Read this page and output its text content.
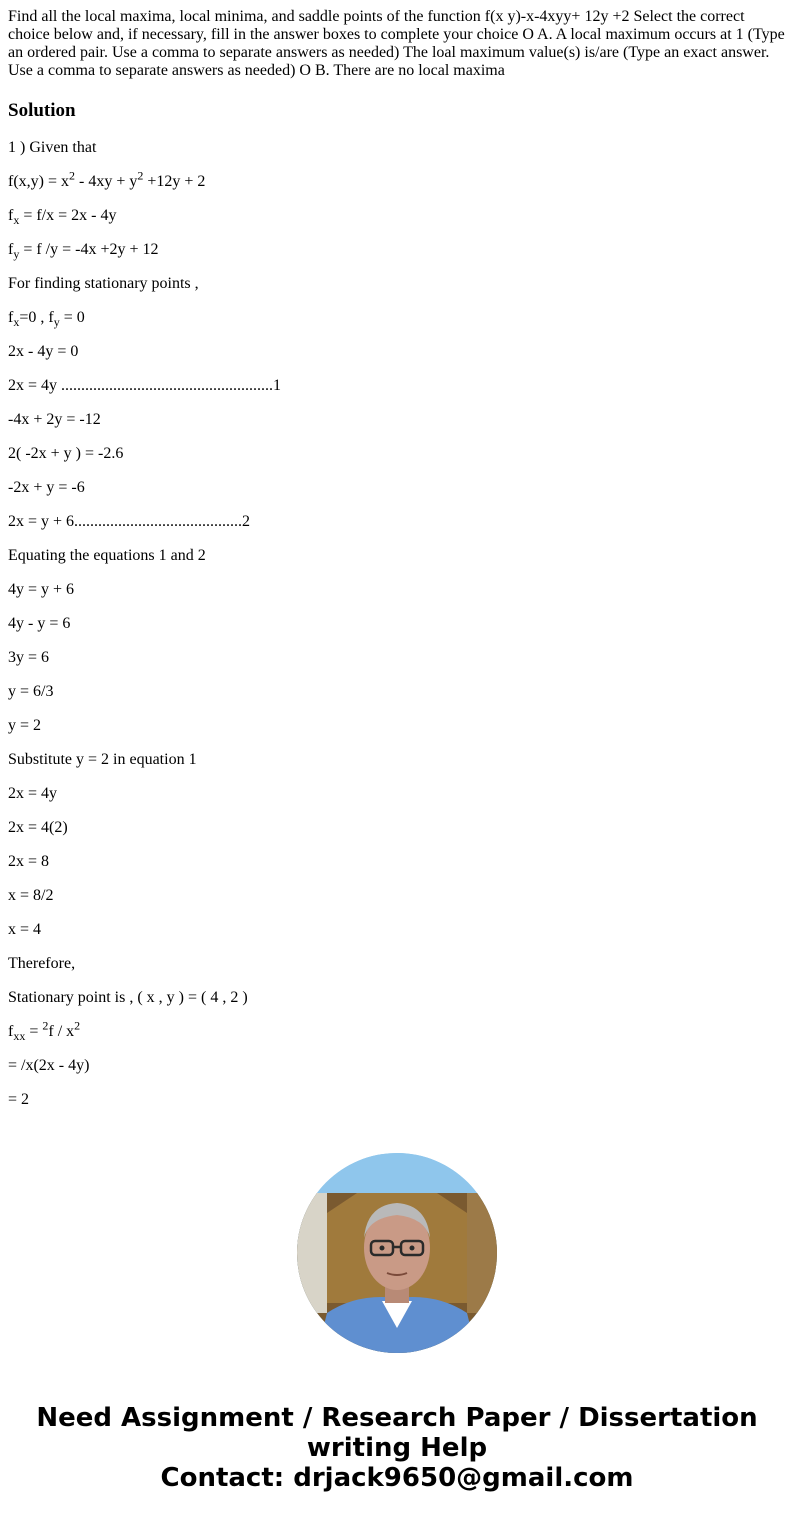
Find all the local maxima, local minima, and saddle points of the function f(x y)-x-4xyy+ 12y +2 Select the correct choice below and, if necessary, fill in the answer boxes to complete your choice O A. A local maximum occurs at 1 (Type an ordered pair. Use a comma to separate answers as needed) The loal maximum value(s) is/are (Type an exact answer. Use a comma to separate answers as needed) O B. There are no local maxima

Solution

1 ) Given that

$f(x,y) = x^2 - 4xy + y^2 +12y + 2$

$f_x = f/x = 2x - 4y$

$f_y = f$ /y = -4x +2y + 12

For finding stationary points ,

$f_x=0$ , $f_y = 0$

2x - 4y = 0

2x = 4y .....................................................1

-4x + 2y = -12

2( -2x + y ) = -2.6

-2x + y = -6

2x = y + 6..........................................2

Equating the equations 1 and 2

4y = y + 6

4y - y = 6

3y = 6

y = 6/3

y = 2

Substitute y = 2 in equation 1

2x = 4y

2x = 4(2)

2x = 8

x = 8/2

x = 4

Therefore,

Stationary point is , ( x , y ) = ( 4 , 2 )

$f_{xx} = ^2f / x^2$

= /x(2x - 4y)

= 2

Need Assignment / Research Paper / Dissertation
writing Help
Contact: drjack9650@gmail.com
